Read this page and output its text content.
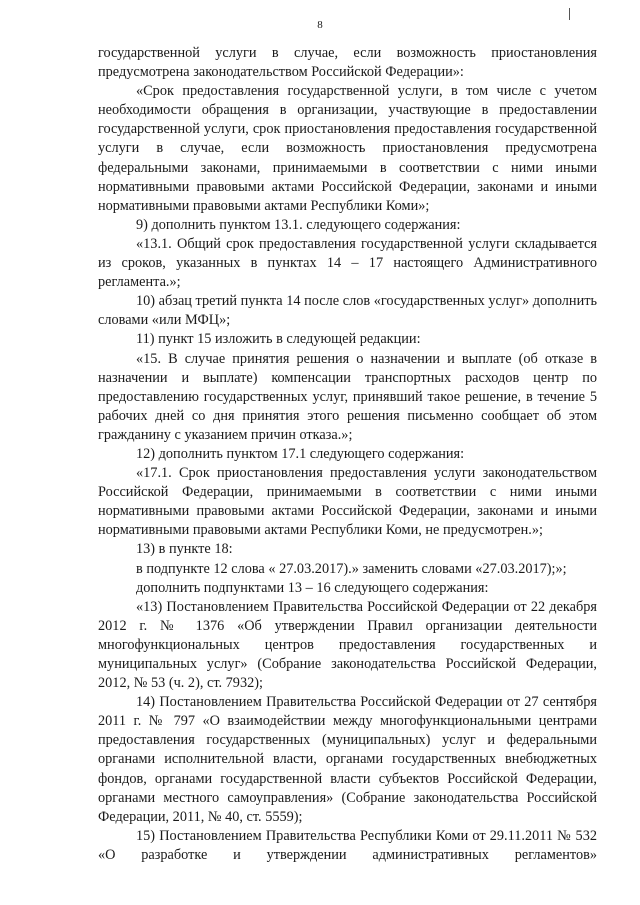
8

государственной услуги в случае, если возможность приостановления предусмотрена законодательством Российской Федерации»:

«Срок предоставления государственной услуги, в том числе с учетом необходимости обращения в организации, участвующие в предоставлении государственной услуги, срок приостановления предоставления государственной услуги в случае, если возможность приостановления предусмотрена федеральными законами, принимаемыми в соответствии с ними иными нормативными правовыми актами Российской Федерации, законами и иными нормативными правовыми актами Республики Коми»;

9) дополнить пунктом 13.1. следующего содержания:

«13.1. Общий срок предоставления государственной услуги складывается из сроков, указанных в пунктах 14 – 17 настоящего Административного регламента.»;

10) абзац третий пункта 14 после слов «государственных услуг» дополнить словами «или МФЦ»;

11) пункт 15 изложить в следующей редакции:

«15. В случае принятия решения о назначении и выплате (об отказе в назначении и выплате) компенсации транспортных расходов центр по предоставлению государственных услуг, принявший такое решение, в течение 5 рабочих дней со дня принятия этого решения письменно сообщает об этом гражданину с указанием причин отказа.»;

12) дополнить пунктом 17.1 следующего содержания:

«17.1. Срок приостановления предоставления услуги законодательством Российской Федерации, принимаемыми в соответствии с ними иными нормативными правовыми актами Российской Федерации, законами и иными нормативными правовыми актами Республики Коми, не предусмотрен.»;

13) в пункте 18:

в подпункте 12 слова « 27.03.2017).» заменить словами «27.03.2017);»;

дополнить подпунктами 13 – 16 следующего содержания:

«13) Постановлением Правительства Российской Федерации от 22 декабря 2012 г. № 1376 «Об утверждении Правил организации деятельности многофункциональных центров предоставления государственных и муниципальных услуг» (Собрание законодательства Российской Федерации, 2012, № 53 (ч. 2), ст. 7932);

14) Постановлением Правительства Российской Федерации от 27 сентября 2011 г. № 797 «О взаимодействии между многофункциональными центрами предоставления государственных (муниципальных) услуг и федеральными органами исполнительной власти, органами государственных внебюджетных фондов, органами государственной власти субъектов Российской Федерации, органами местного самоуправления» (Собрание законодательства Российской Федерации, 2011, № 40, ст. 5559);

15) Постановлением Правительства Республики Коми от 29.11.2011 № 532 «О разработке и утверждении административных регламентов»
